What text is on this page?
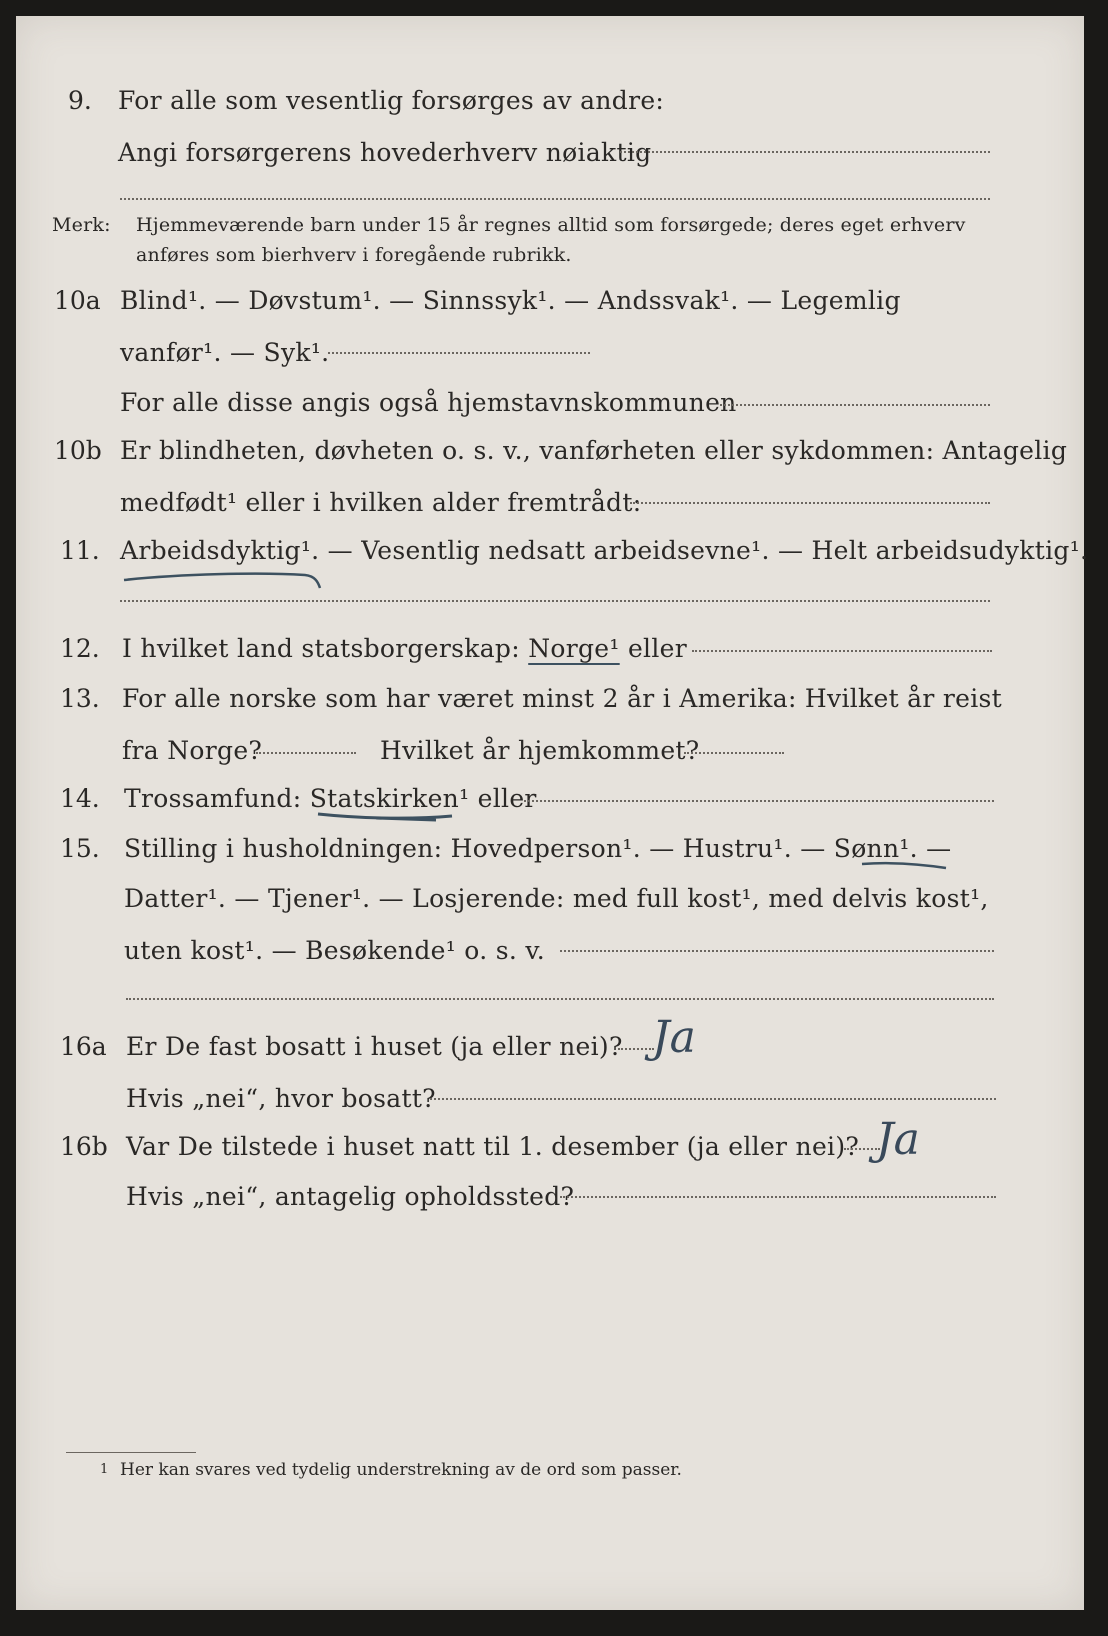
9. For alle som vesentlig forsørges av andre:
Angi forsørgerens hovederhverv nøiaktig
Merk: Hjemmeværende barn under 15 år regnes alltid som forsørgede; deres eget erhverv
anføres som bierhverv i foregående rubrikk.
10a Blind¹. — Døvstum¹. — Sinnssyk¹. — Andssvak¹. — Legemlig
vanfør¹. — Syk¹.
For alle disse angis også hjemstavnskommunen
10b Er blindheten, døvheten o. s. v., vanførheten eller sykdommen: Antagelig
medfødt¹ eller i hvilken alder fremtrådt:
11. Arbeidsdyktig¹. — Vesentlig nedsatt arbeidsevne¹. — Helt arbeidsudyktig¹.
12. I hvilket land statsborgerskap: Norge¹ eller
13. For alle norske som har været minst 2 år i Amerika: Hvilket år reist
fra Norge?	Hvilket år hjemkommet?
14. Trossamfund: Statskirken¹ eller
15. Stilling i husholdningen: Hovedperson¹. — Hustru¹. — Sønn¹. —
Datter¹. — Tjener¹. — Losjerende: med full kost¹, med delvis kost¹,
uten kost¹. — Besøkende¹ o. s. v.
16a Er De fast bosatt i huset (ja eller nei)? Ja
Hvis „nei“, hvor bosatt?
16b Var De tilstede i huset natt til 1. desember (ja eller nei)? Ja
Hvis „nei“, antagelig opholdssted?
1 Her kan svares ved tydelig understrekning av de ord som passer.
